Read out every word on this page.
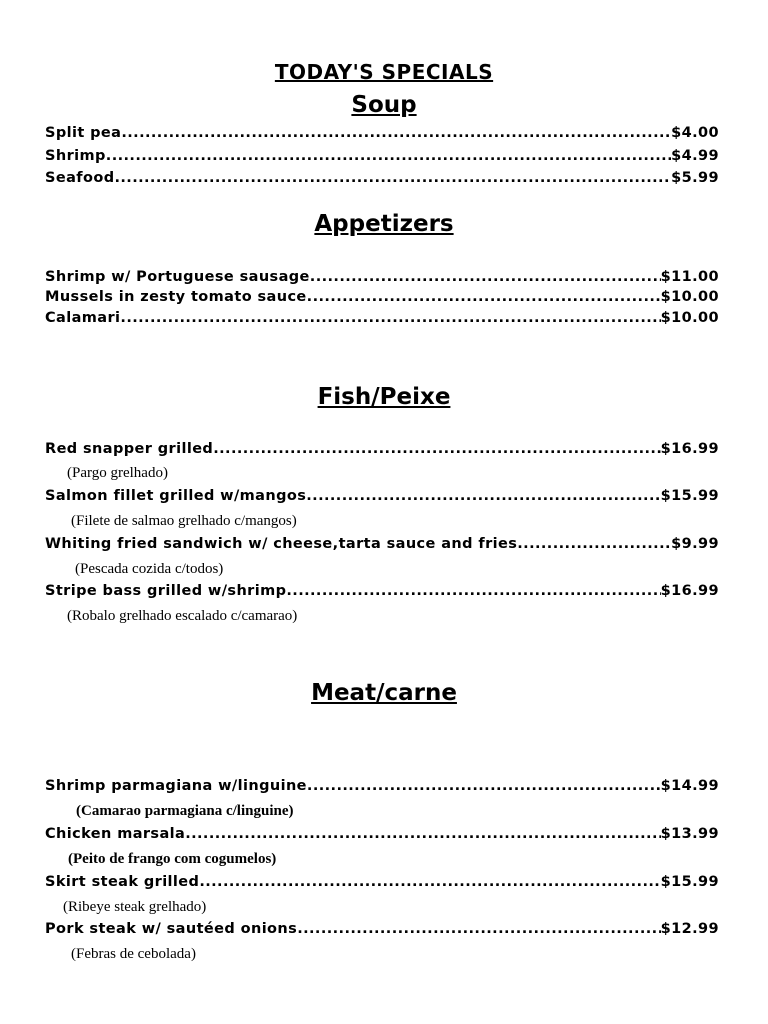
TODAY'S SPECIALS
Soup
Split pea .....	$4.00
Shrimp .....	$4.99
Seafood .....	$5.99
Appetizers
Shrimp w/ Portuguese sausage .....	$11.00
Mussels in zesty tomato sauce .....	$10.00
Calamari .....	$10.00
Fish/Peixe
Red snapper grilled .....	$16.99
(Pargo grelhado)
Salmon fillet grilled w/mangos .....	$15.99
(Filete de salmao grelhado c/mangos)
Whiting fried sandwich w/ cheese,tarta sauce and fries .....	$9.99
(Pescada cozida c/todos)
Stripe bass grilled w/shrimp .....	$16.99
(Robalo grelhado escalado c/camarao)
Meat/carne
Shrimp parmagiana w/linguine .....	$14.99
(Camarao parmagiana c/linguine)
Chicken marsala .....	$13.99
(Peito de frango com cogumelos)
Skirt steak grilled .....	$15.99
(Ribeye steak grelhado)
Pork steak w/ sautéed onions .....	$12.99
(Febras de cebolada)
